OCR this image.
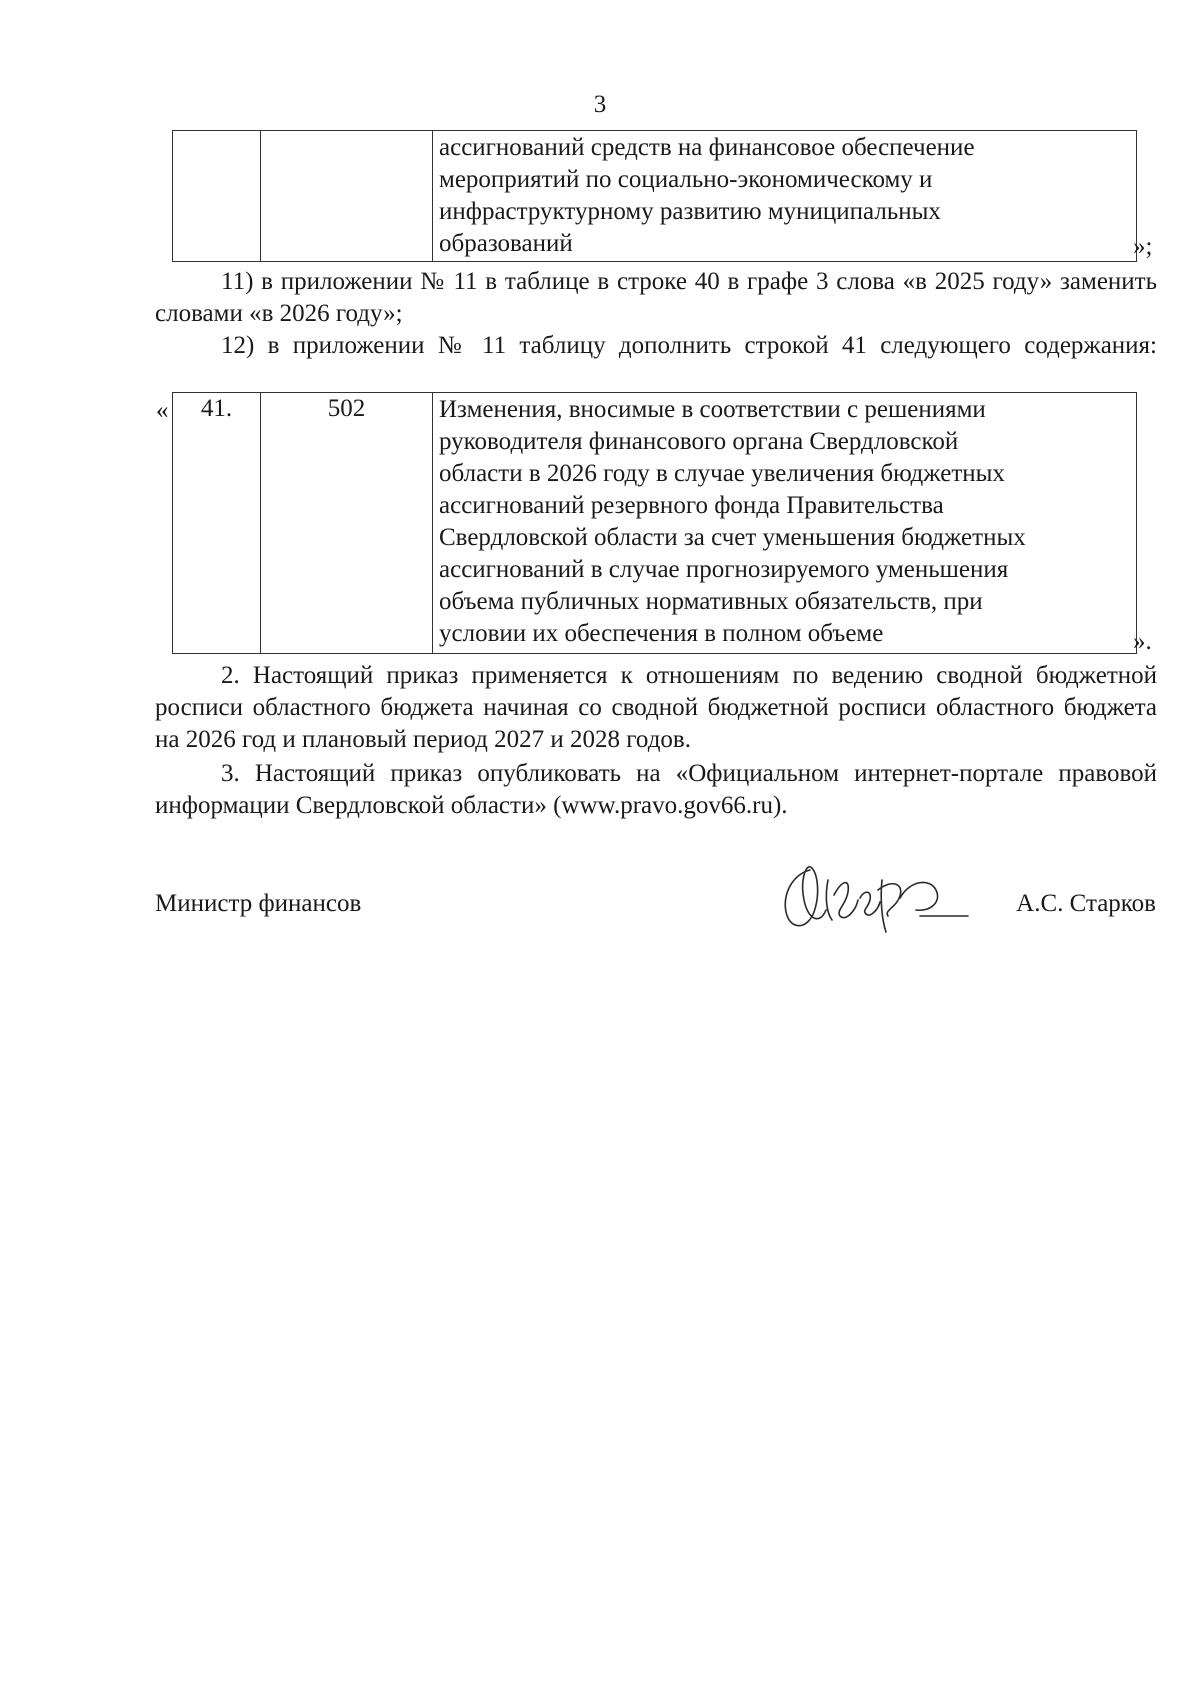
3

ассигнований средств на финансовое обеспечение
мероприятий по социально-экономическому и
инфраструктурному развитию муниципальных
образований	»;

11) в приложении № 11 в таблице в строке 40 в графе 3 слова «в 2025 году» заменить словами «в 2026 году»;

12) в приложении № 11 таблицу дополнить строкой 41 следующего содержания:

« 41.	502	Изменения, вносимые в соответствии с решениями
руководителя финансового органа Свердловской
области в 2026 году в случае увеличения бюджетных
ассигнований резервного фонда Правительства
Свердловской области за счет уменьшения бюджетных
ассигнований в случае прогнозируемого уменьшения
объема публичных нормативных обязательств, при
условии их обеспечения в полном объеме	».

2. Настоящий приказ применяется к отношениям по ведению сводной бюджетной росписи областного бюджета начиная со сводной бюджетной росписи областного бюджета на 2026 год и плановый период 2027 и 2028 годов.

3. Настоящий приказ опубликовать на «Официальном интернет-портале правовой информации Свердловской области» (www.pravo.gov66.ru).

Министр финансов	А.С. Старков
